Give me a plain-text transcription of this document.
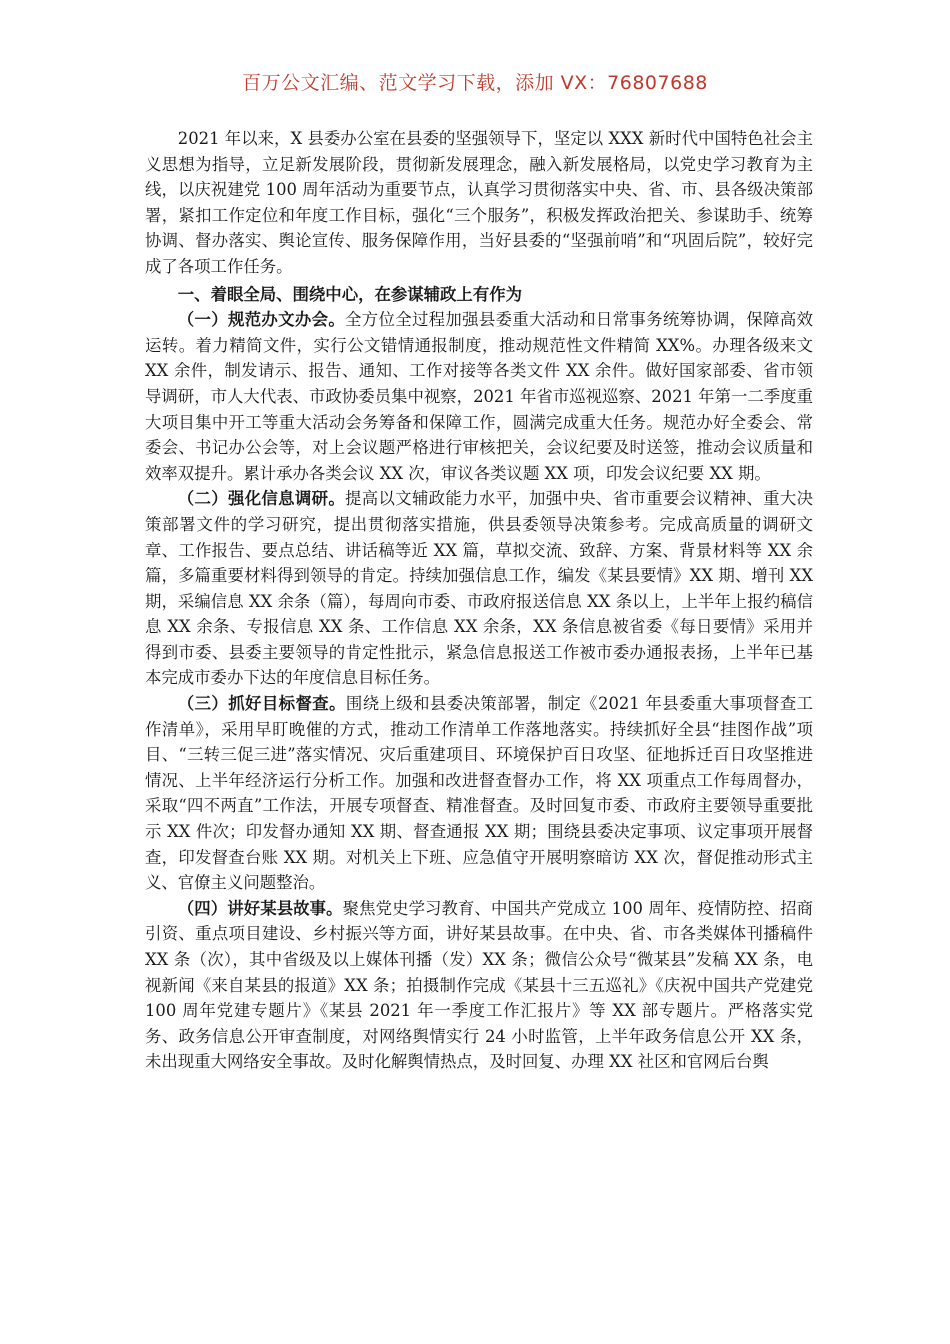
百万公文汇编、范文学习下载，添加 VX：76807688

2021 年以来，X 县委办公室在县委的坚强领导下，坚定以 XXX 新时代中国特色社会主义思想为指导，立足新发展阶段，贯彻新发展理念，融入新发展格局，以党史学习教育为主线，以庆祝建党 100 周年活动为重要节点，认真学习贯彻落实中央、省、市、县各级决策部署，紧扣工作定位和年度工作目标，强化“三个服务”，积极发挥政治把关、参谋助手、统筹协调、督办落实、舆论宣传、服务保障作用，当好县委的“坚强前哨”和“巩固后院”，较好完成了各项工作任务。

一、着眼全局、围绕中心，在参谋辅政上有作为

（一）规范办文办会。全方位全过程加强县委重大活动和日常事务统筹协调，保障高效运转。着力精简文件，实行公文错情通报制度，推动规范性文件精简 XX%。办理各级来文 XX 余件，制发请示、报告、通知、工作对接等各类文件 XX 余件。做好国家部委、省市领导调研，市人大代表、市政协委员集中视察，2021 年省市巡视巡察、2021 年第一二季度重大项目集中开工等重大活动会务筹备和保障工作，圆满完成重大任务。规范办好全委会、常委会、书记办公会等，对上会议题严格进行审核把关，会议纪要及时送签，推动会议质量和效率双提升。累计承办各类会议 XX 次，审议各类议题 XX 项，印发会议纪要 XX 期。

（二）强化信息调研。提高以文辅政能力水平，加强中央、省市重要会议精神、重大决策部署文件的学习研究，提出贯彻落实措施，供县委领导决策参考。完成高质量的调研文章、工作报告、要点总结、讲话稿等近 XX 篇，草拟交流、致辞、方案、背景材料等 XX 余篇，多篇重要材料得到领导的肯定。持续加强信息工作，编发《某县要情》XX 期、增刊 XX 期，采编信息 XX 余条（篇），每周向市委、市政府报送信息 XX 条以上，上半年上报约稿信息 XX 余条、专报信息 XX 条、工作信息 XX 余条，XX 条信息被省委《每日要情》采用并得到市委、县委主要领导的肯定性批示，紧急信息报送工作被市委办通报表扬，上半年已基本完成市委办下达的年度信息目标任务。

（三）抓好目标督查。围绕上级和县委决策部署，制定《2021 年县委重大事项督查工作清单》，采用早盯晚催的方式，推动工作清单工作落地落实。持续抓好全县“挂图作战”项目、“三转三促三进”落实情况、灾后重建项目、环境保护百日攻坚、征地拆迁百日攻坚推进情况、上半年经济运行分析工作。加强和改进督查督办工作，将 XX 项重点工作每周督办，采取“四不两直”工作法，开展专项督查、精准督查。及时回复市委、市政府主要领导重要批示 XX 件次；印发督办通知 XX 期、督查通报 XX 期；围绕县委决定事项、议定事项开展督查，印发督查台账 XX 期。对机关上下班、应急值守开展明察暗访 XX 次，督促推动形式主义、官僚主义问题整治。

（四）讲好某县故事。聚焦党史学习教育、中国共产党成立 100 周年、疫情防控、招商引资、重点项目建设、乡村振兴等方面，讲好某县故事。在中央、省、市各类媒体刊播稿件 XX 条（次），其中省级及以上媒体刊播（发）XX 条；微信公众号“微某县”发稿 XX 条，电视新闻《来自某县的报道》XX 条；拍摄制作完成《某县十三五巡礼》《庆祝中国共产党建党 100 周年党建专题片》《某县 2021 年一季度工作汇报片》等 XX 部专题片。严格落实党务、政务信息公开审查制度，对网络舆情实行 24 小时监管，上半年政务信息公开 XX 条，未出现重大网络安全事故。及时化解舆情热点，及时回复、办理 XX 社区和官网后台舆
